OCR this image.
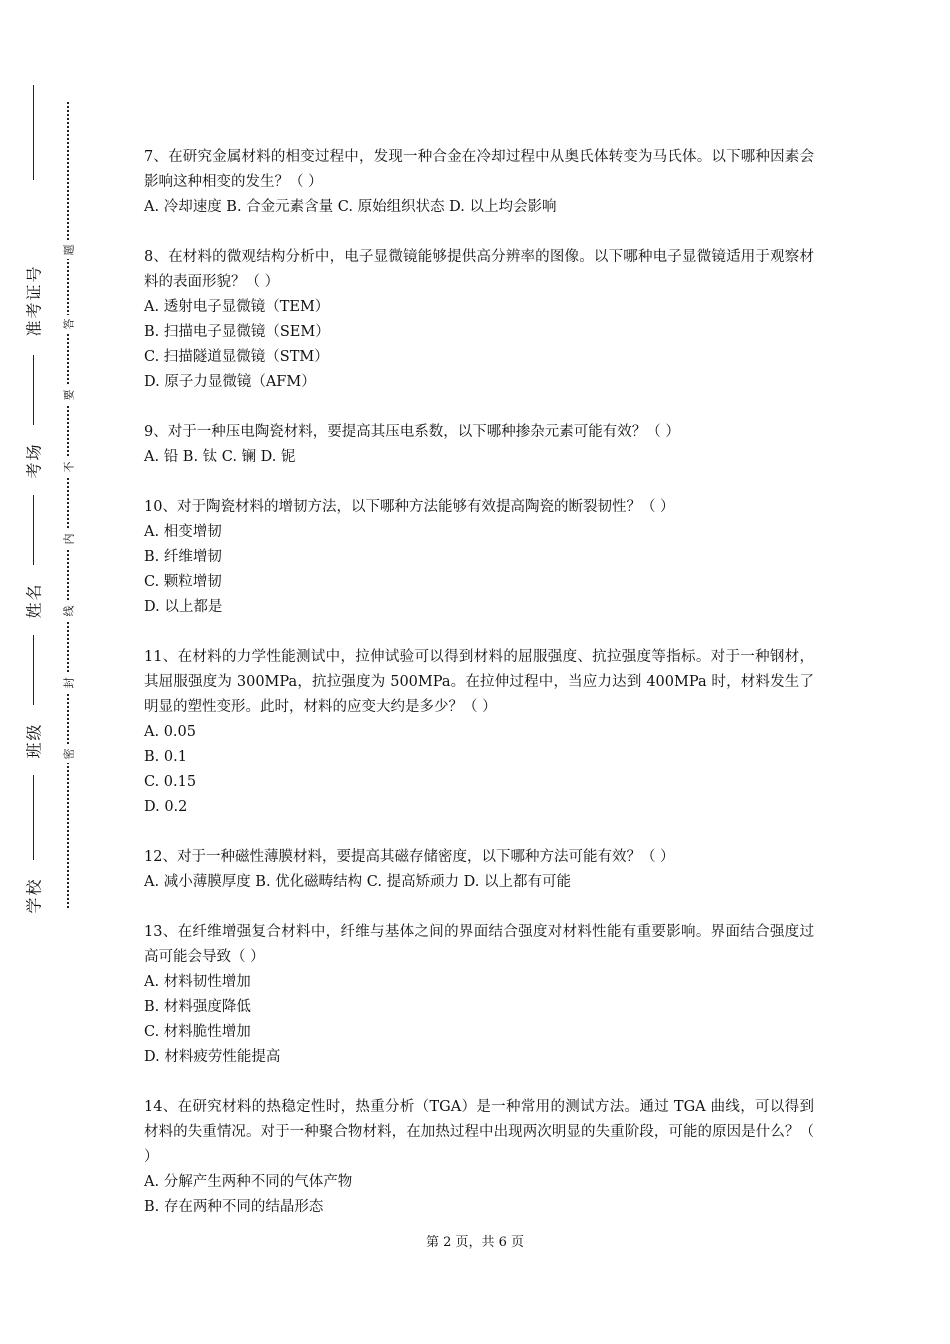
准考证号
考场
姓名
班级
学校
题
答
要
不
内
线
封
密

7、在研究金属材料的相变过程中，发现一种合金在冷却过程中从奥氏体转变为马氏体。以下哪种因素会影响这种相变的发生？（ ）

A. 冷却速度 B. 合金元素含量 C. 原始组织状态 D. 以上均会影响

8、在材料的微观结构分析中，电子显微镜能够提供高分辨率的图像。以下哪种电子显微镜适用于观察材料的表面形貌？（ ）

A. 透射电子显微镜（TEM）

B. 扫描电子显微镜（SEM）

C. 扫描隧道显微镜（STM）

D. 原子力显微镜（AFM）

9、对于一种压电陶瓷材料，要提高其压电系数，以下哪种掺杂元素可能有效？（ ）

A. 铅 B. 钛 C. 镧 D. 铌

10、对于陶瓷材料的增韧方法，以下哪种方法能够有效提高陶瓷的断裂韧性？（ ）

A. 相变增韧

B. 纤维增韧

C. 颗粒增韧

D. 以上都是

11、在材料的力学性能测试中，拉伸试验可以得到材料的屈服强度、抗拉强度等指标。对于一种钢材，其屈服强度为 300MPa，抗拉强度为 500MPa。在拉伸过程中，当应力达到 400MPa 时，材料发生了明显的塑性变形。此时，材料的应变大约是多少？（ ）

A. 0.05

B. 0.1

C. 0.15

D. 0.2

12、对于一种磁性薄膜材料，要提高其磁存储密度，以下哪种方法可能有效？（ ）

A. 减小薄膜厚度 B. 优化磁畴结构 C. 提高矫顽力 D. 以上都有可能

13、在纤维增强复合材料中，纤维与基体之间的界面结合强度对材料性能有重要影响。界面结合强度过高可能会导致（ ）

A. 材料韧性增加

B. 材料强度降低

C. 材料脆性增加

D. 材料疲劳性能提高

14、在研究材料的热稳定性时，热重分析（TGA）是一种常用的测试方法。通过 TGA 曲线，可以得到材料的失重情况。对于一种聚合物材料，在加热过程中出现两次明显的失重阶段，可能的原因是什么？（ ）

A. 分解产生两种不同的气体产物

B. 存在两种不同的结晶形态

第 2 页，共 6 页
